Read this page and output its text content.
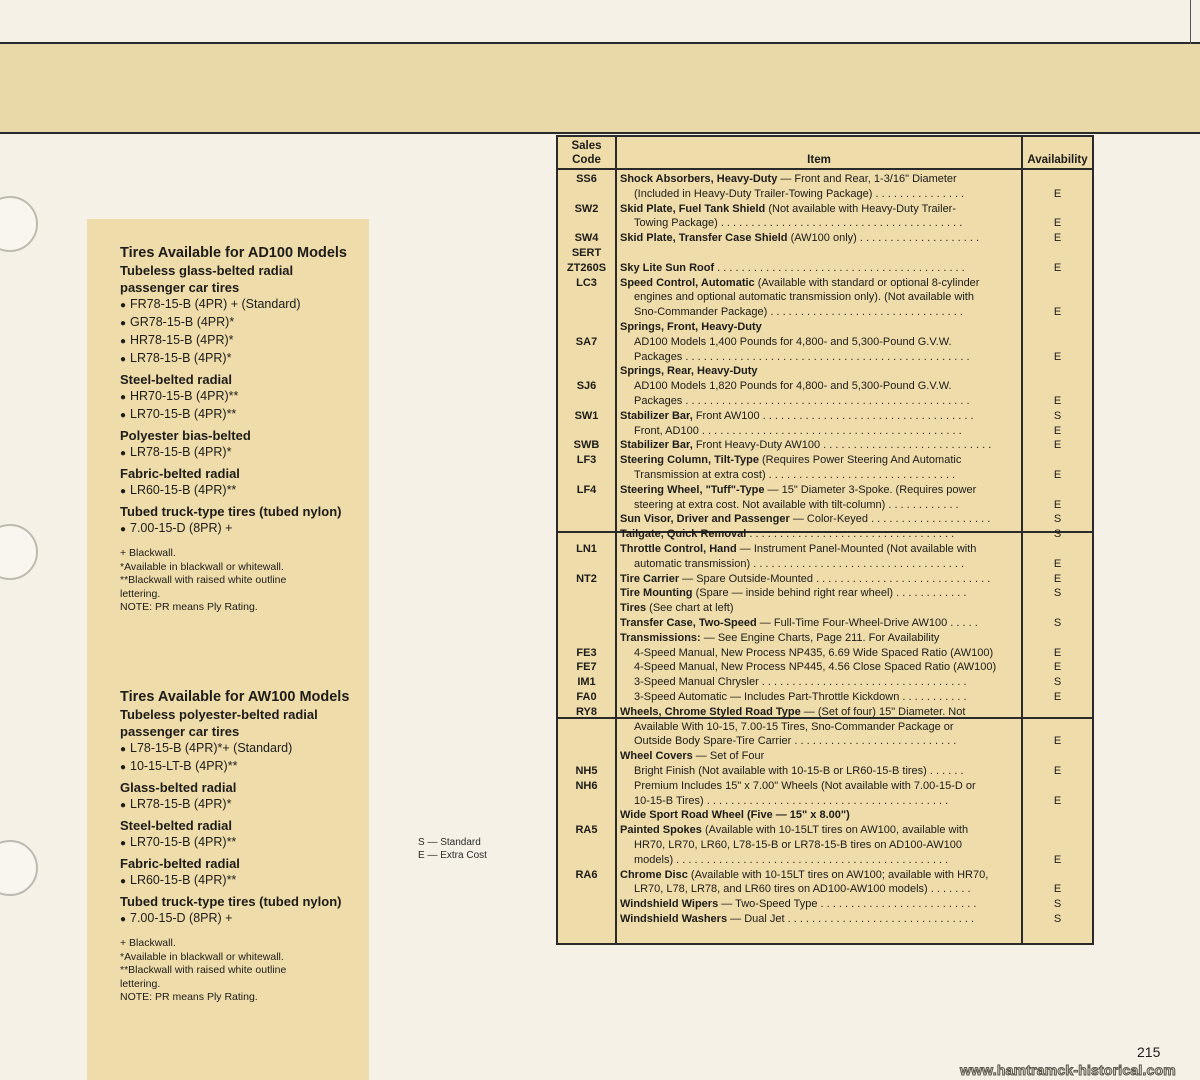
Tires Available for AD100 Models
Tubeless glass-belted radial passenger car tires
● FR78-15-B (4PR) + (Standard)
● GR78-15-B (4PR)*
● HR78-15-B (4PR)*
● LR78-15-B (4PR)*
Steel-belted radial
● HR70-15-B (4PR)**
● LR70-15-B (4PR)**
Polyester bias-belted
● LR78-15-B (4PR)*
Fabric-belted radial
● LR60-15-B (4PR)**
Tubed truck-type tires (tubed nylon)
● 7.00-15-D (8PR) +
+ Blackwall.
*Available in blackwall or whitewall.
**Blackwall with raised white outline
lettering.
NOTE: PR means Ply Rating.
Tires Available for AW100 Models
Tubeless polyester-belted radial passenger car tires
● L78-15-B (4PR)*+ (Standard)
● 10-15-LT-B (4PR)**
Glass-belted radial
● LR78-15-B (4PR)*
Steel-belted radial
● LR70-15-B (4PR)**
Fabric-belted radial
● LR60-15-B (4PR)**
Tubed truck-type tires (tubed nylon)
● 7.00-15-D (8PR) +
+ Blackwall.
*Available in blackwall or whitewall.
**Blackwall with raised white outline
lettering.
NOTE: PR means Ply Rating.
S — Standard
E — Extra Cost
Sales
Code	Item	Availability
SS6	Shock Absorbers, Heavy-Duty — Front and Rear, 1-3/16" Diameter
(Included in Heavy-Duty Trailer-Towing Package) . . . . . . . . . . . . . . .	E
SW2	Skid Plate, Fuel Tank Shield (Not available with Heavy-Duty Trailer-
Towing Package) . . . . . . . . . . . . . . . . . . . . . . . . . . . . . . . . . . . . . . . .	E
SW4	Skid Plate, Transfer Case Shield (AW100 only) . . . . . . . . . . . . . . . . . . . .	E
SERT
ZT260S	Sky Lite Sun Roof . . . . . . . . . . . . . . . . . . . . . . . . . . . . . . . . . . . . . . . . .	E
LC3	Speed Control, Automatic (Available with standard or optional 8-cylinder
engines and optional automatic transmission only). (Not available with
Sno-Commander Package) . . . . . . . . . . . . . . . . . . . . . . . . . . . . . . . .	E
Springs, Front, Heavy-Duty
SA7	AD100 Models 1,400 Pounds for 4,800- and 5,300-Pound G.V.W.
Packages . . . . . . . . . . . . . . . . . . . . . . . . . . . . . . . . . . . . . . . . . . . . . . .	E
Springs, Rear, Heavy-Duty
SJ6	AD100 Models 1,820 Pounds for 4,800- and 5,300-Pound G.V.W.
Packages . . . . . . . . . . . . . . . . . . . . . . . . . . . . . . . . . . . . . . . . . . . . . . .	E
SW1	Stabilizer Bar, Front AW100 . . . . . . . . . . . . . . . . . . . . . . . . . . . . . . . . . . .	S
Front, AD100 . . . . . . . . . . . . . . . . . . . . . . . . . . . . . . . . . . . . . . . . . . .	E
SWB	Stabilizer Bar, Front Heavy-Duty AW100 . . . . . . . . . . . . . . . . . . . . . . . . . . . .	E
LF3	Steering Column, Tilt-Type (Requires Power Steering And Automatic
Transmission at extra cost) . . . . . . . . . . . . . . . . . . . . . . . . . . . . . . .	E
LF4	Steering Wheel, "Tuff"-Type — 15" Diameter 3-Spoke. (Requires power
steering at extra cost. Not available with tilt-column) . . . . . . . . . . . .	E
Sun Visor, Driver and Passenger — Color-Keyed . . . . . . . . . . . . . . . . . . . .	S
Tailgate, Quick Removal . . . . . . . . . . . . . . . . . . . . . . . . . . . . . . . . . .	S
LN1	Throttle Control, Hand — Instrument Panel-Mounted (Not available with
automatic transmission) . . . . . . . . . . . . . . . . . . . . . . . . . . . . . . . . . . .	E
NT2	Tire Carrier — Spare Outside-Mounted . . . . . . . . . . . . . . . . . . . . . . . . . . . . .	E
Tire Mounting (Spare — inside behind right rear wheel) . . . . . . . . . . . .	S
Tires (See chart at left)
Transfer Case, Two-Speed — Full-Time Four-Wheel-Drive AW100 . . . . .	S
Transmissions: — See Engine Charts, Page 211. For Availability
FE3	4-Speed Manual, New Process NP435, 6.69 Wide Spaced Ratio (AW100)	E
FE7	4-Speed Manual, New Process NP445, 4.56 Close Spaced Ratio (AW100)	E
IM1	3-Speed Manual Chrysler . . . . . . . . . . . . . . . . . . . . . . . . . . . . . . . . . .	S
FA0	3-Speed Automatic — Includes Part-Throttle Kickdown . . . . . . . . . . .	E
RY8	Wheels, Chrome Styled Road Type — (Set of four) 15" Diameter. Not
Available With 10-15, 7.00-15 Tires, Sno-Commander Package or
Outside Body Spare-Tire Carrier . . . . . . . . . . . . . . . . . . . . . . . . . . .	E
Wheel Covers — Set of Four
NH5	Bright Finish (Not available with 10-15-B or LR60-15-B tires) . . . . . .	E
NH6	Premium Includes 15" x 7.00" Wheels (Not available with 7.00-15-D or
10-15-B Tires) . . . . . . . . . . . . . . . . . . . . . . . . . . . . . . . . . . . . . . . .	E
Wide Sport Road Wheel (Five — 15" x 8.00")
RA5	Painted Spokes (Available with 10-15LT tires on AW100, available with
HR70, LR70, LR60, L78-15-B or LR78-15-B tires on AD100-AW100
models) . . . . . . . . . . . . . . . . . . . . . . . . . . . . . . . . . . . . . . . . . . . . .	E
RA6	Chrome Disc (Available with 10-15LT tires on AW100; available with HR70,
LR70, L78, LR78, and LR60 tires on AD100-AW100 models) . . . . . . .	E
Windshield Wipers — Two-Speed Type . . . . . . . . . . . . . . . . . . . . . . . . . .	S
Windshield Washers — Dual Jet . . . . . . . . . . . . . . . . . . . . . . . . . . . . . . .	S
215
www.hamtramck-historical.com
